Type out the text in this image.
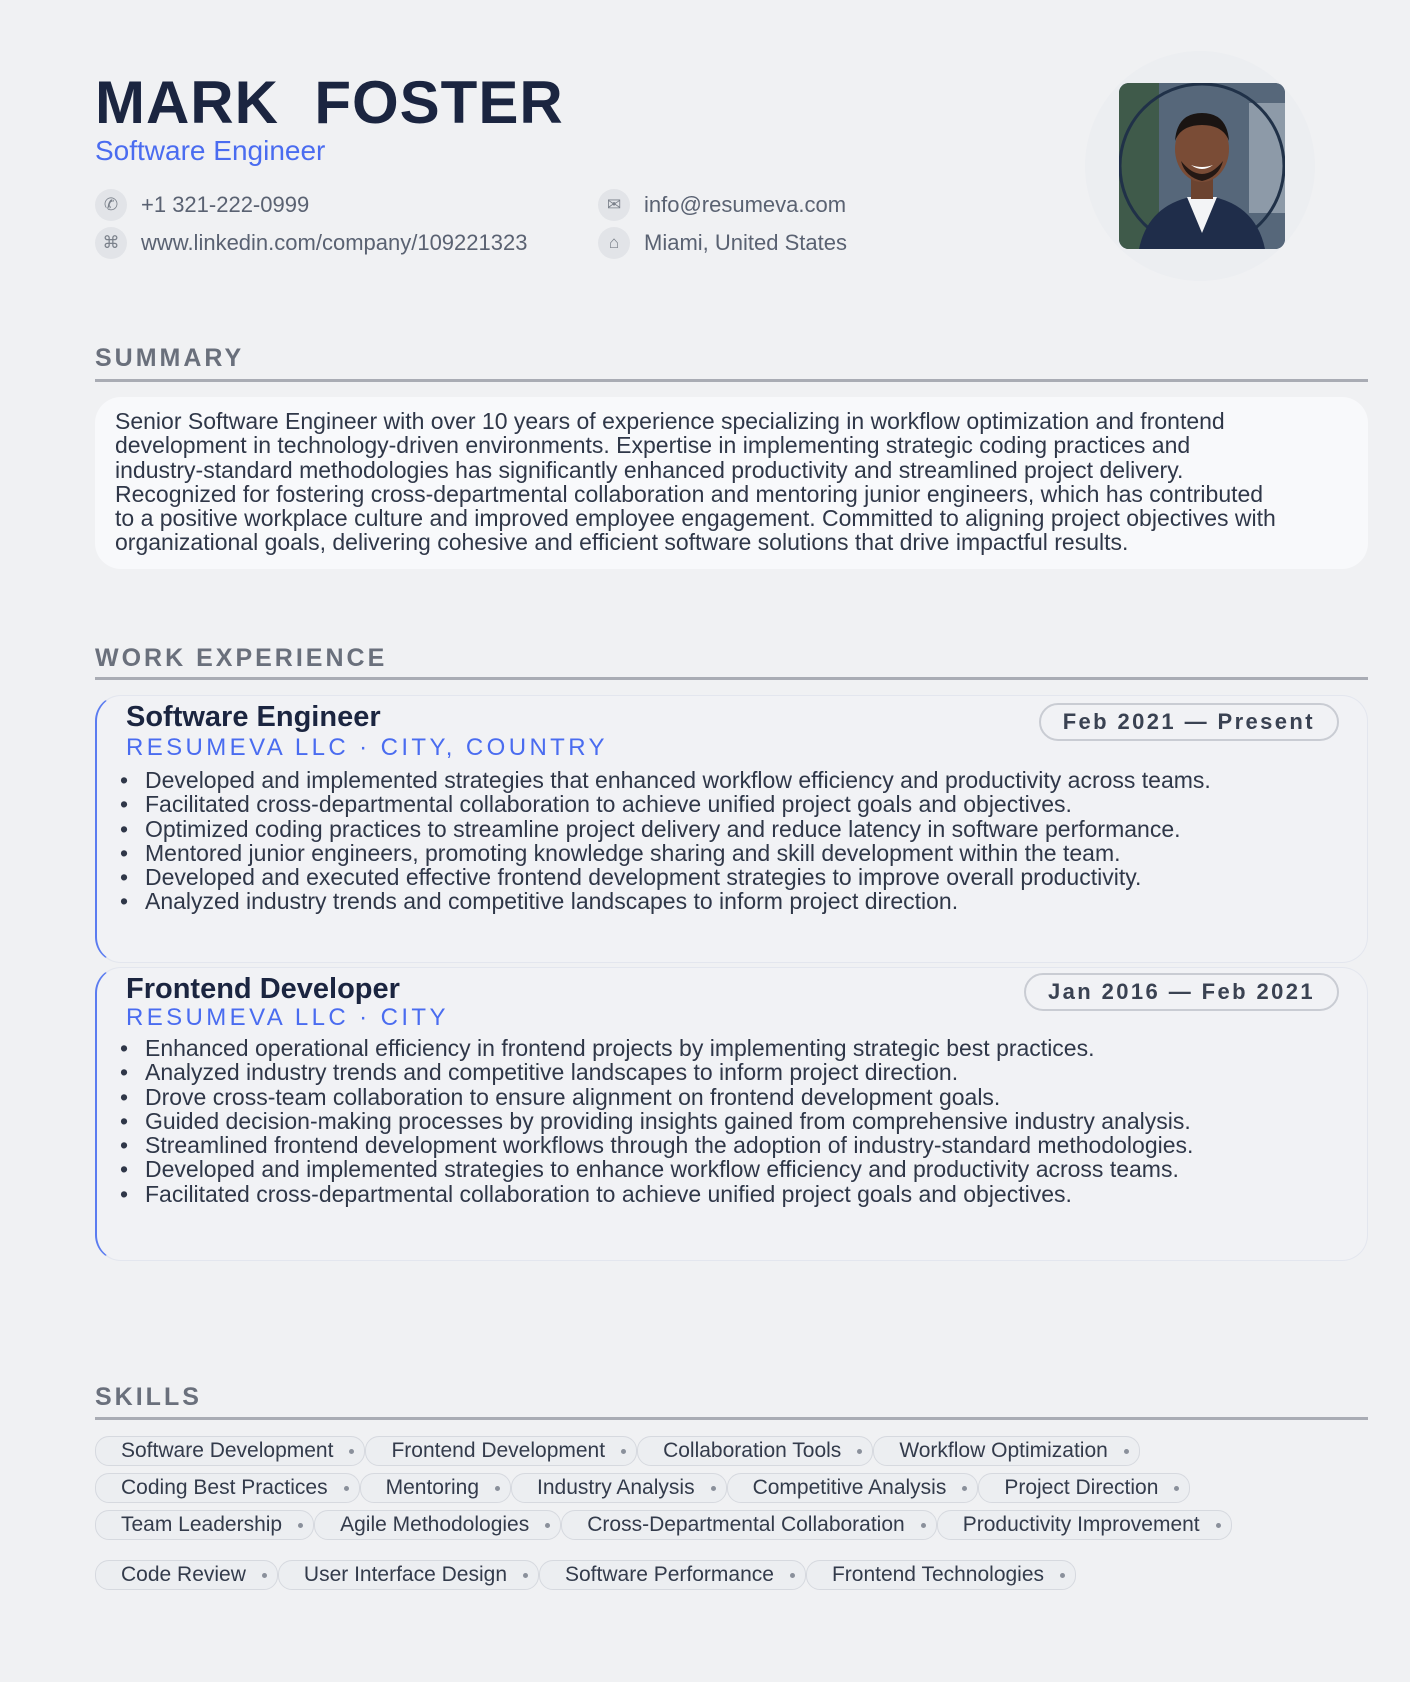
MARK FOSTER
Software Engineer
✆	+1 321-222-0999
⌘ www.linkedin.com/company/109221323
✉	info@resumeva.com
⌂	Miami, United States
SUMMARY

Senior Software Engineer with over 10 years of experience specializing in workflow optimization and frontend

development in technology-driven environments. Expertise in implementing strategic coding practices and

industry-standard methodologies has significantly enhanced productivity and streamlined project delivery.

Recognized for fostering cross-departmental collaboration and mentoring junior engineers, which has contributed

to a positive workplace culture and improved employee engagement. Committed to aligning project objectives with

organizational goals, delivering cohesive and efficient software solutions that drive impactful results.

WORK EXPERIENCE
Software Engineer
RESUMEVA LLC · CITY, COUNTRY
Feb 2021 — Present
• Developed and implemented strategies that enhanced workflow efficiency and productivity across teams.
• Facilitated cross-departmental collaboration to achieve unified project goals and objectives.
• Optimized coding practices to streamline project delivery and reduce latency in software performance.
• Mentored junior engineers, promoting knowledge sharing and skill development within the team.
• Developed and executed effective frontend development strategies to improve overall productivity.
• Analyzed industry trends and competitive landscapes to inform project direction.
Frontend Developer
RESUMEVA LLC · CITY
Jan 2016 — Feb 2021
• Enhanced operational efficiency in frontend projects by implementing strategic best practices.
• Analyzed industry trends and competitive landscapes to inform project direction.
• Drove cross-team collaboration to ensure alignment on frontend development goals.
• Guided decision-making processes by providing insights gained from comprehensive industry analysis.
• Streamlined frontend development workflows through the adoption of industry-standard methodologies.
• Developed and implemented strategies to enhance workflow efficiency and productivity across teams.
• Facilitated cross-departmental collaboration to achieve unified project goals and objectives.
SKILLS
Software Development	Frontend Development	Collaboration Tools	Workflow Optimization
Coding Best Practices	Mentoring	Industry Analysis	Competitive Analysis	Project Direction
Team Leadership	Agile Methodologies	Cross-Departmental Collaboration	Productivity Improvement
Code Review	User Interface Design	Software Performance	Frontend Technologies
